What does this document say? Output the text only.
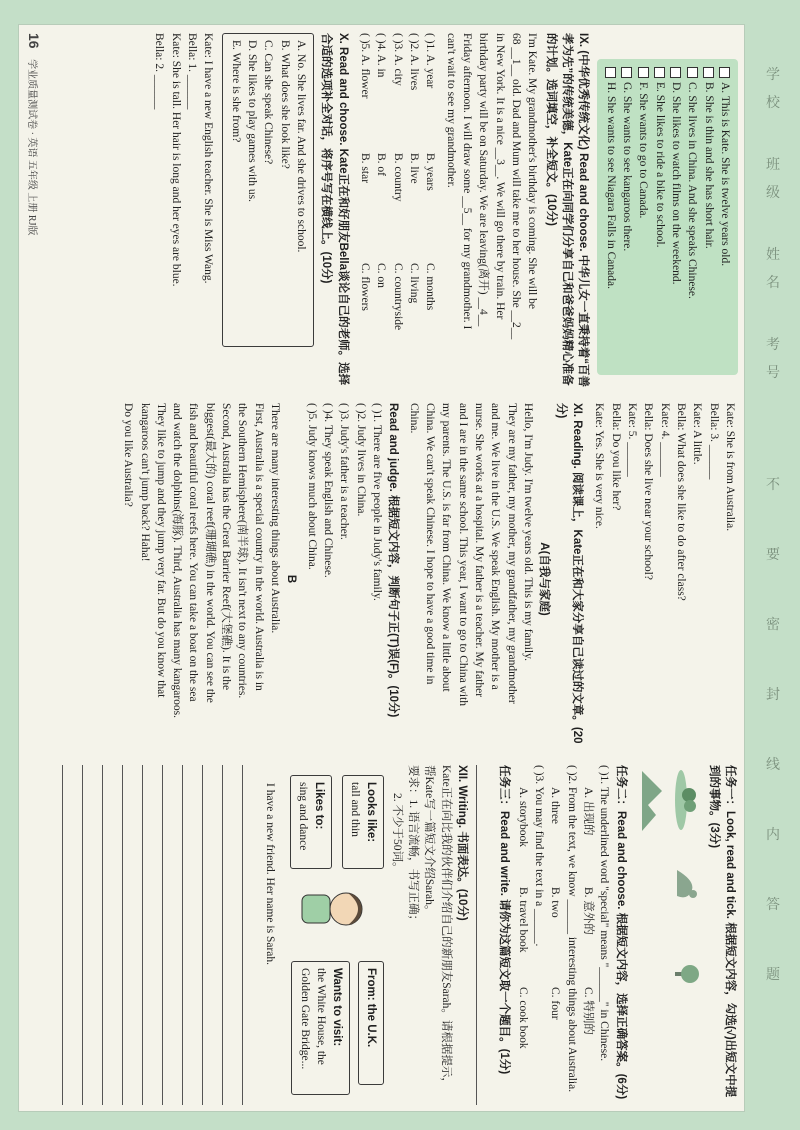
A. This is Kate. She is twelve years old.
B. She is thin and she has short hair.
C. She lives in China. And she speaks Chinese.
D. She likes to watch films on the weekend.
E. She likes to ride a bike to school.
F. She wants to go to Canada.
G. She wants to see kangaroos there.
H. She wants to see Niagara Falls in Canada.
IX. (中华优秀传统文化) Read and choose. 中华儿女一直秉持着“百善孝为先”的传统美德，Kate正在向同学们分享自己和爸爸妈妈精心准备的计划。选词填空，补全短文。(10分)

I'm Kate. My grandmother's birthday is coming. She will be

68 __1__ old. Dad and Mum will take me to her house. She __2__

in New York. It is a nice __3__. We will go there by train. Her

birthday party will be on Saturday. We are leaving(离开) __4__

Friday afternoon. I will draw some __5__ for my grandmother. I

can't wait to see my grandmother.

( )1. A. year
B. years
C. months
( )2. A. lives
B. live
C. living
( )3. A. city
B. country
C. countryside
( )4. A. in
B. of
C. on
( )5. A. flower
B. star
C. flowers
X. Read and choose. Kate正在和好朋友Bella谈论自己的老师。选择合适的选项补全对话，将序号写在横线上。(10分)

A. No. She lives far. And she drives to school.

B. What does she look like?

C. Can she speak Chinese?

D. She likes to play games with us.

E. Where is she from?

Kate: I have a new English teacher. She is Miss Wang.

Bella: 1. ______

Kate: She is tall. Her hair is long and her eyes are blue.

Bella: 2. ______

16 学业质量测试卷 · 英语 五年级 上册 RJ版

Kate: She is from Australia.

Bella: 3. ______

Kate: A little.

Bella: What does she like to do after class?

Kate: 4. ______

Bella: Does she live near your school?

Kate: 5. ______

Bella: Do you like her?

Kate: Yes. She is very nice.

XI. Reading. 阅读课上，Kate正在和大家分享自己读过的文章。(20分)
A(自我与家庭)

Hello, I'm Judy. I'm twelve years old. This is my family.

They are my father, my mother, my grandfather, my grandmother

and me. We live in the U.S. We speak English. My mother is a

nurse. She works at a hospital. My father is a teacher. My father

and I are in the same school. This year, I want to go to China with

my parents. The U.S. is far from China. We know a little about

China. We can't speak Chinese. I hope to have a good time in

China.

Read and judge. 根据短文内容，判断句子正(T)误(F)。(10分)

( )1. There are five people in Judy's family.

( )2. Judy lives in China.

( )3. Judy's father is a teacher.

( )4. They speak English and Chinese.

( )5. Judy knows much about China.

B

There are many interesting things about Australia.

First, Australia is a special country in the world. Australia is in

the Southern Hemisphere(南半球). It isn't next to any countries.

Second, Australia has the Great Barrier Reef(大堡礁). It is the

biggest(最大的) coral reef(珊瑚礁) in the world. You can see the

fish and beautiful coral reefs here. You can take a boat on the sea

and watch the dolphins(海豚). Third, Australia has many kangaroos.

They like to jump and they jump very far. But do you know that

kangaroos can't jump back? Haha!

Do you like Australia?

任务一：Look, read and tick. 根据短文内容，勾选(√)出短文中提到的事物。(3分)

任务二：Read and choose. 根据短文内容，选择正确答案。(6分)

( )1. The underlined word "special" means "______" in Chinese.

A. 出现的
B. 意外的
C. 特别的

( )2. From the text, we know ______ interesting things about Australia.

A. three
B. two
C. four

( )3. You may find the text in a ______.

A. storybook
B. travel book
C. cook book
任务三：Read and write. 请你为这篇短文取一个题目。(1分)
XII. Writing. 书面表达。(10分)
Kate正在向比我的伙伴们介绍自己的新朋友Sarah。请根据提示，帮Kate写一篇短文介绍Sarah。

要求：1. 语言流畅，书写正确；

2. 不少于50词。

Looks like:
tall and thin
Likes to:
sing and dance
From: the U.K.
Wants to visit:
the White House, the Golden Gate Bridge...

I have a new friend. Her name is Sarah.

学
校
班
级
姓
名
考
号
不
要
密
封
线
内
答
题
